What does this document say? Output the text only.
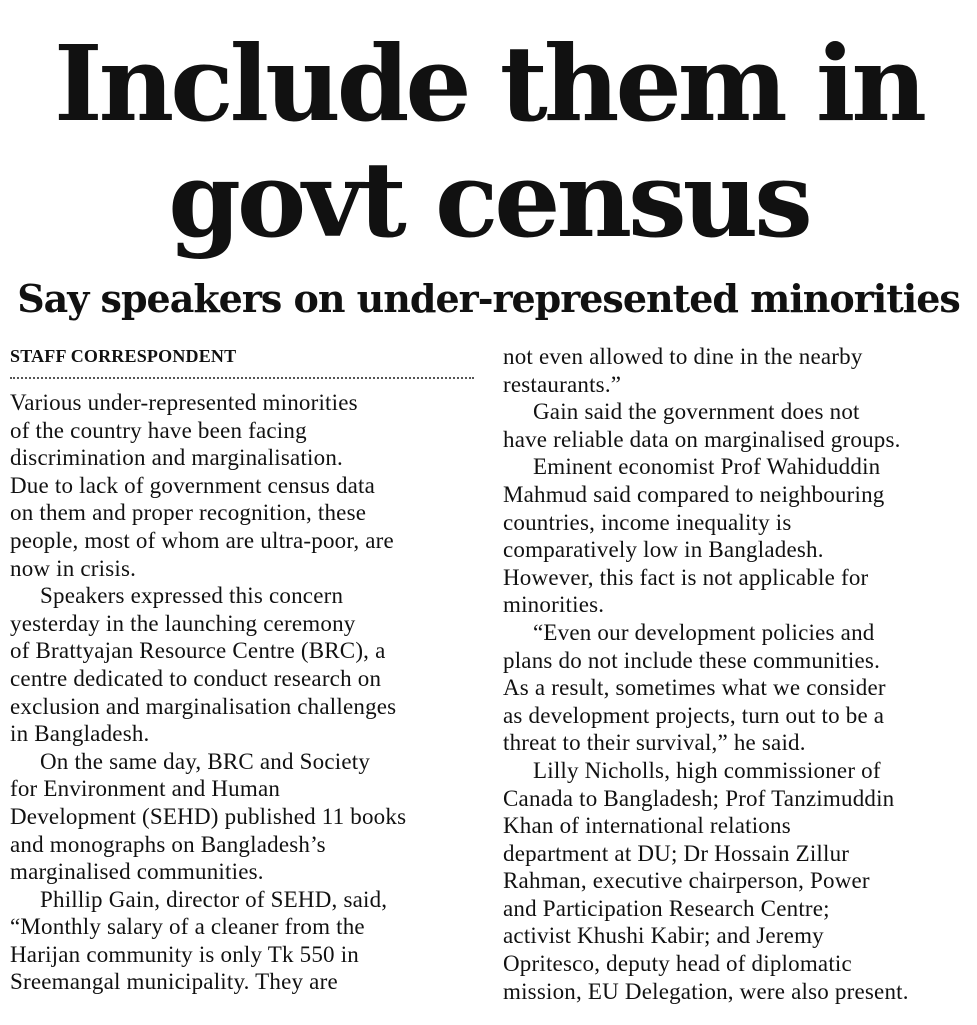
Include them in
govt census
Say speakers on under-represented minorities
STAFF CORRESPONDENT

Various under-represented minorities
of the country have been facing
discrimination and marginalisation.
Due to lack of government census data
on them and proper recognition, these
people, most of whom are ultra-poor, are
now in crisis.

Speakers expressed this concern
yesterday in the launching ceremony
of Brattyajan Resource Centre (BRC), a
centre dedicated to conduct research on
exclusion and marginalisation challenges
in Bangladesh.

On the same day, BRC and Society
for Environment and Human
Development (SEHD) published 11 books
and monographs on Bangladesh’s
marginalised communities.

Phillip Gain, director of SEHD, said,
“Monthly salary of a cleaner from the
Harijan community is only Tk 550 in
Sreemangal municipality. They are

not even allowed to dine in the nearby
restaurants.”

Gain said the government does not
have reliable data on marginalised groups.

Eminent economist Prof Wahiduddin
Mahmud said compared to neighbouring
countries, income inequality is
comparatively low in Bangladesh.
However, this fact is not applicable for
minorities.

“Even our development policies and
plans do not include these communities.
As a result, sometimes what we consider
as development projects, turn out to be a
threat to their survival,” he said.

Lilly Nicholls, high commissioner of
Canada to Bangladesh; Prof Tanzimuddin
Khan of international relations
department at DU; Dr Hossain Zillur
Rahman, executive chairperson, Power
and Participation Research Centre;
activist Khushi Kabir; and Jeremy
Opritesco, deputy head of diplomatic
mission, EU Delegation, were also present.
